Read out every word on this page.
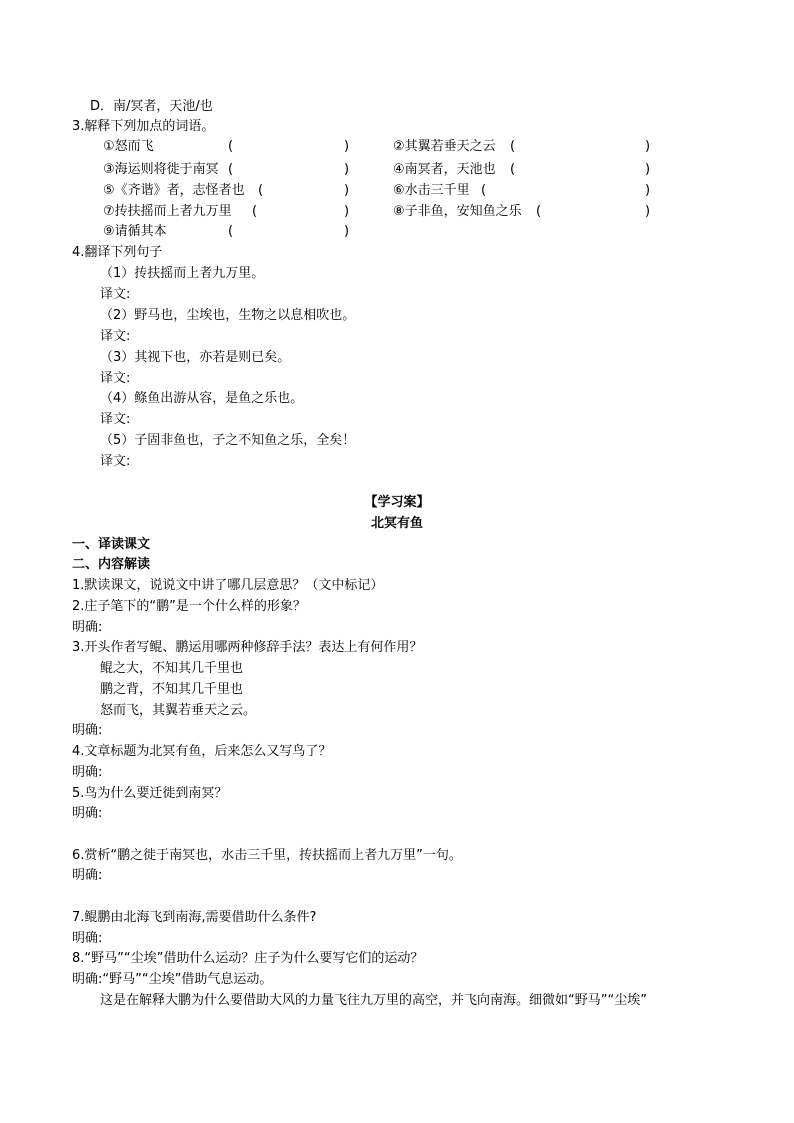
D．南/冥者，天池/也
3.解释下列加点的词语。
①怒而飞	(	)	②其翼若垂天之云 (	)
③海运则将徙于南冥 (	)	④南冥者，天池也 (	)
⑤《齐谐》者，志怪者也 (	)	⑥水击三千里 (	)
⑦抟扶摇而上者九万里 (	)	⑧子非鱼，安知鱼之乐 (	)
⑨请循其本	(	)
4.翻译下列句子
（1）抟扶摇而上者九万里。
译文:
（2）野马也，尘埃也，生物之以息相吹也。
译文:
（3）其视下也，亦若是则已矣。
译文:
（4）鲦鱼出游从容，是鱼之乐也。
译文:
（5）子固非鱼也，子之不知鱼之乐，全矣！
译文:
【学习案】
北冥有鱼
一、译读课文
二、内容解读
1.默读课文，说说文中讲了哪几层意思？（文中标记）
2.庄子笔下的“鹏”是一个什么样的形象？
明确:
3.开头作者写鲲、鹏运用哪两种修辞手法？表达上有何作用？
鲲之大，不知其几千里也
鹏之背，不知其几千里也
怒而飞，其翼若垂天之云。
明确:
4.文章标题为北冥有鱼，后来怎么又写鸟了？
明确:
5.鸟为什么要迁徙到南冥？
明确:
6.赏析“鹏之徙于南冥也，水击三千里，抟扶摇而上者九万里”一句。
明确:
7.鲲鹏由北海飞到南海,需要借助什么条件?
明确:
8.“野马”“尘埃”借助什么运动？庄子为什么要写它们的运动？
明确:“野马”“尘埃”借助气息运动。
这是在解释大鹏为什么要借助大风的力量飞往九万里的高空，并飞向南海。细微如“野马”“尘埃”
